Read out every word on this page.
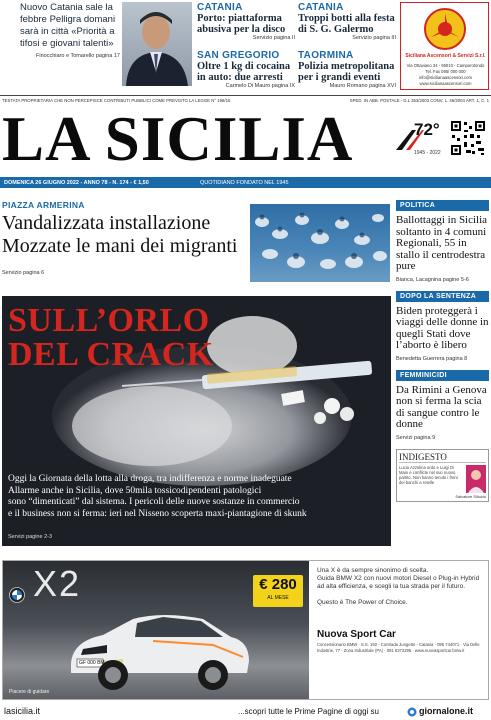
Nuovo Catania sale la febbre Pelligra domani sarà in città «Priorità a tifosi e giovani talenti»
Finocchiaro e Tomarello pagina 17
CATANIA
Porto: piattaforma abusiva per la disco
Servizio pagina II
CATANIA
Troppi botti alla festa di S. G. Galermo
Servizio pagina III
SAN GREGORIO
Oltre 1 kg di cocaina in auto: due arresti
Carmelo Di Mauro pagina IX
TAORMINA
Polizia metropolitana per i grandi eventi
Mauro Romano pagina XVI
Siciliana Ascensori & Servizi S.r.l.
Via Ottaviano 34 - 95010 - Camporotondo
Tel. Fax 095/ 000 000
info@sicilianaascensori.com
www.sicilianaascensori.com
TESTATA PROPRIETARIA CHE NON PERCEPISCE CONTRIBUTI PUBBLICI COME PREVISTO LA LEGGE N° 198/16	SPED. IN ABB. POSTALE - D.L 353/2003 CONV. L. 46/2004 ART. 1, C. 1
LA SICILIA	72°
1945 - 2022
DOMENICA 26 GIUGNO 2022 - ANNO 78 - N. 174 - € 1,50	QUOTIDIANO FONDATO NEL 1945
PIAZZA ARMERINA
Vandalizzata installazione
Mozzate le mani dei migranti
Servizio pagina 6
SULL’ORLO
DEL CRACK
Oggi la Giornata della lotta alla droga, tra indifferenza e norme inadeguate
Allarme anche in Sicilia, dove 50mila tossicodipendenti patologici
sono “dimenticati” dal sistema. I pericoli delle nuove sostanze in commercio
e il business non si ferma: ieri nel Nisseno scoperta maxi-piantagione di skunk
Servizi pagine 2-3
POLITICA
Ballottaggi in Sicilia soltanto in 4 comuni Regionali, 55 in stallo il centrodestra pure
Bianca, Lacagnina pagine 5-6
DOPO LA SENTENZA
Biden proteggerà i viaggi delle donne in quegli Stati dove l’aborto è libero
Benedetta Guerrera pagina 8
FEMMINICIDI
Da Rimini a Genova non si ferma la scia di sangue contro le donne
Servizi pagina 9
INDIGESTO
Lucia Azzolina ordo e Luigi Di Maio e conflicte nel suo nuovo partito. Non hanno tenuto i freni dei banchi a rotelle
Salvatore Silluzio
X2
GF 000 BM
€ 280
AL MESE
Piacere di guidare
Una X è da sempre sinonimo di scelta.
Guida BMW X2 con nuovi motori Diesel o Plug-in Hybrid ad alta efficienza, e scegli la tua strada per il futuro.
Questo è The Power of Choice.
Nuova Sport Car
Concessionario BMW · S.S. 192 - Contrada Jungetto - Catania · 095 744071 · Via Delle Industrie, 77 - Zona Industriale (PA) · 091 6372295 · www.nuovasportcar.bmw.it
lasicilia.it	...scopri tutte le Prime Pagine di oggi su	giornalone.it
